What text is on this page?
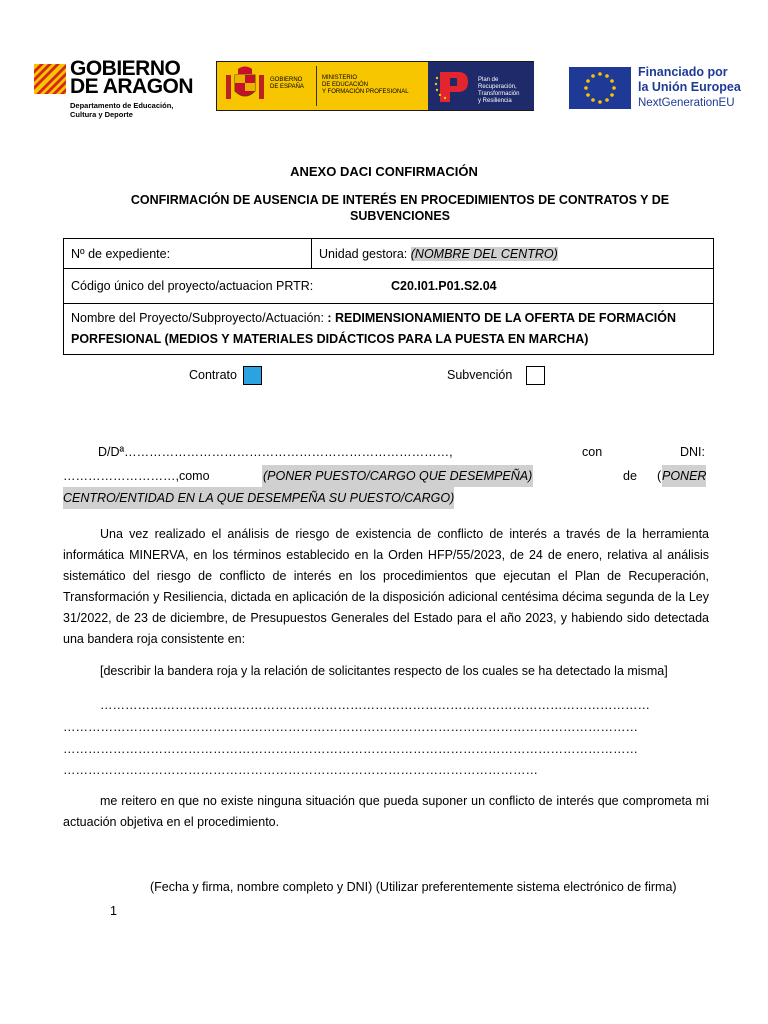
GOBIERNO
DE ARAGON
Departamento de Educación,
Cultura y Deporte
GOBIERNO
DE ESPAÑA
MINISTERIO
DE EDUCACIÓN
Y FORMACIÓN PROFESIONAL
Plan de
Recuperación,
Transformación
y Resiliencia
Financiado por
la Unión Europea
NextGenerationEU
ANEXO DACI CONFIRMACIÓN
CONFIRMACIÓN DE AUSENCIA DE INTERÉS EN PROCEDIMIENTOS DE CONTRATOS Y DE SUBVENCIONES
Nº de expediente:	Unidad gestora:
(NOMBRE DEL CENTRO)
Código único del proyecto/actuacion PRTR:	C20.I01.P01.S2.04
Nombre del Proyecto/Subproyecto/Actuación: : REDIMENSIONAMIENTO DE LA OFERTA DE FORMACIÓN
PORFESIONAL (MEDIOS Y MATERIALES DIDÁCTICOS PARA LA PUESTA EN MARCHA)
Contrato	Subvención
D/Dª……………………………………………………………………,	con	DNI:
………………………,como	(PONER PUESTO/CARGO QUE DESEMPEÑA)	de ( PONER
CENTRO/ENTIDAD EN LA QUE DESEMPEÑA SU PUESTO/CARGO)
Una vez realizado el análisis de riesgo de existencia de conflicto de interés a través de la herramienta informática MINERVA, en los términos establecido en la Orden HFP/55/2023, de 24 de enero, relativa al análisis sistemático del riesgo de conflicto de interés en los procedimientos que ejecutan el Plan de Recuperación, Transformación y Resiliencia, dictada en aplicación de la disposición adicional centésima décima segunda de la Ley 31/2022, de 23 de diciembre, de Presupuestos Generales del Estado para el año 2023, y habiendo sido detectada una bandera roja consistente en:
[describir la bandera roja y la relación de solicitantes respecto de los cuales se ha detectado la misma]
……………………………………………………………………………………………………………………
…………………………………………………………………………………………………………………………
…………………………………………………………………………………………………………………………
……………………………………………………………………………………………………
me reitero en que no existe ninguna situación que pueda suponer un conflicto de interés que comprometa mi actuación objetiva en el procedimiento.
(Fecha y firma, nombre completo y DNI) (Utilizar preferentemente sistema electrónico de firma)
1
